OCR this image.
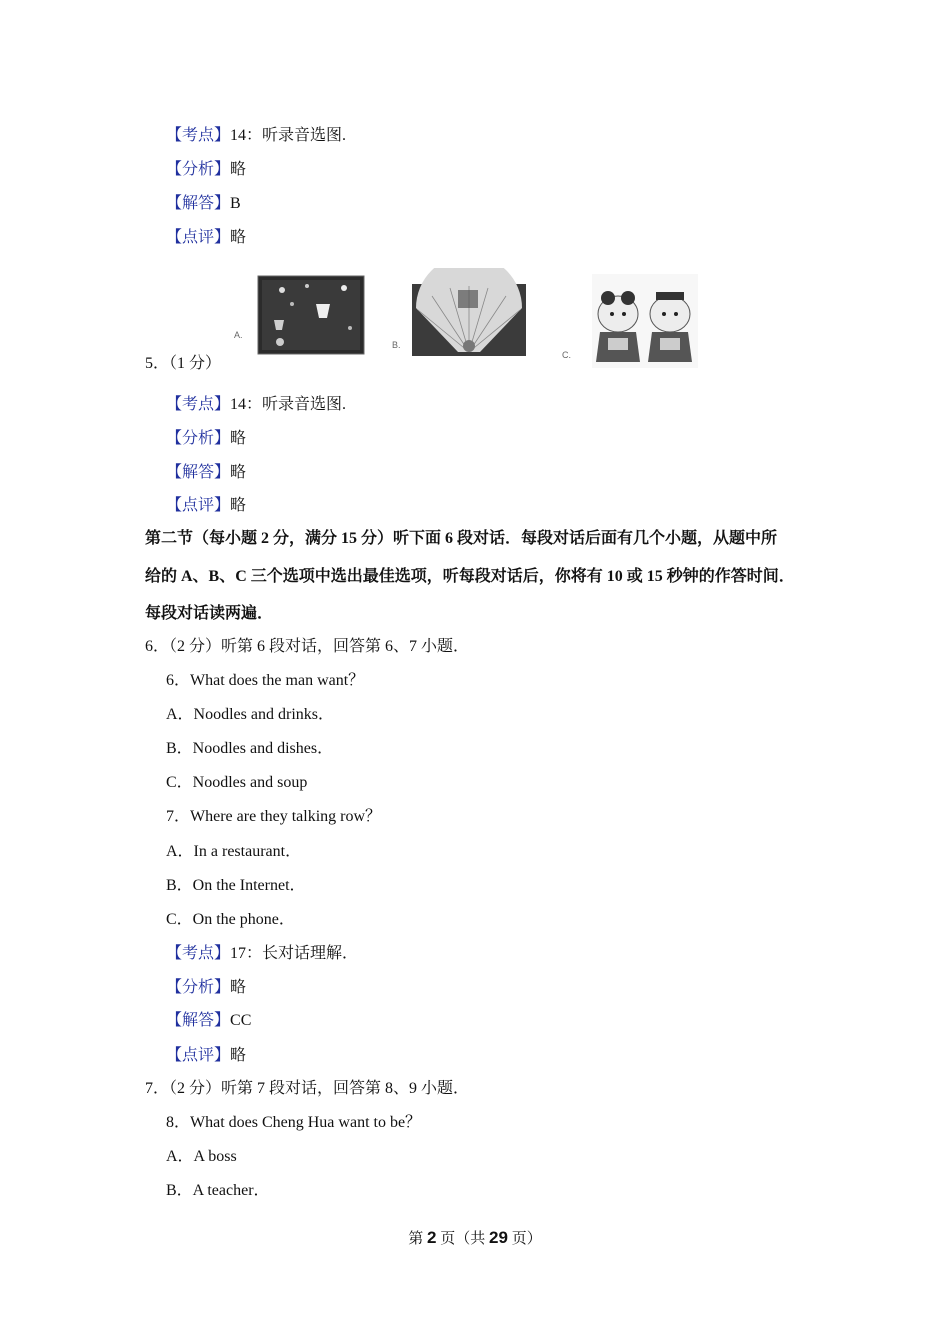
【考点】14：听录音选图.
【分析】略
【解答】B
【点评】略
5．（1 分）
A.
B.
C.
【考点】14：听录音选图.
【分析】略
【解答】略
【点评】略
第二节（每小题 2 分，满分 15 分）听下面 6 段对话．每段对话后面有几个小题，从题中所
给的 A、B、C 三个选项中选出最佳选项，听每段对话后，你将有 10 或 15 秒钟的作答时间．
每段对话读两遍．
6．（2 分）听第 6 段对话，回答第 6、7 小题．
6．What does the man want？
A．Noodles and drinks．
B．Noodles and dishes．
C．Noodles and soup
7．Where are they talking row？
A．In a restaurant．
B．On the Internet．
C．On the phone．
【考点】17：长对话理解．
【分析】略
【解答】CC
【点评】略
7．（2 分）听第 7 段对话，回答第 8、9 小题．
8．What does Cheng Hua want to be？
A．A boss
B．A teacher．
第 2 页（共 29 页）
